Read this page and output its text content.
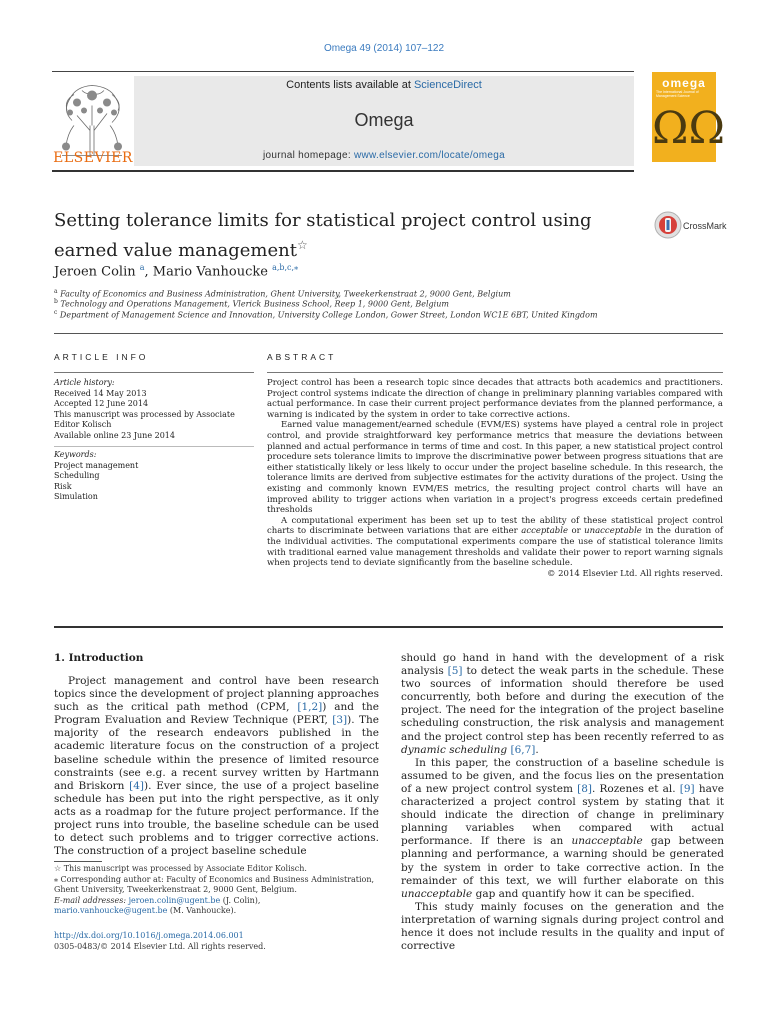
Omega 49 (2014) 107–122
Contents lists available at ScienceDirect
Omega
journal homepage: www.elsevier.com/locate/omega
ELSEVIER
omega
The International Journal of Management Science
ΩΩ
Setting tolerance limits for statistical project control using earned value management☆
CrossMark
Jeroen Colin $^a$, Mario Vanhoucke $^{a,b,c,⁎}$
$^a$ Faculty of Economics and Business Administration, Ghent University, Tweekerkenstraat 2, 9000 Gent, Belgium
$^b$ Technology and Operations Management, Vlerick Business School, Reep 1, 9000 Gent, Belgium
$^c$ Department of Management Science and Innovation, University College London, Gower Street, London WC1E 6BT, United Kingdom
ARTICLE INFO
Article history:
Received 14 May 2013
Accepted 12 June 2014
This manuscript was processed by Associate Editor Kolisch
Available online 23 June 2014
Keywords:
Project management
Scheduling
Risk
Simulation
ABSTRACT

Project control has been a research topic since decades that attracts both academics and practitioners. Project control systems indicate the direction of change in preliminary planning variables compared with actual performance. In case their current project performance deviates from the planned performance, a warning is indicated by the system in order to take corrective actions.

Earned value management/earned schedule (EVM/ES) systems have played a central role in project control, and provide straightforward key performance metrics that measure the deviations between planned and actual performance in terms of time and cost. In this paper, a new statistical project control procedure sets tolerance limits to improve the discriminative power between progress situations that are either statistically likely or less likely to occur under the project baseline schedule. In this research, the tolerance limits are derived from subjective estimates for the activity durations of the project. Using the existing and commonly known EVM/ES metrics, the resulting project control charts will have an improved ability to trigger actions when variation in a project's progress exceeds certain predefined thresholds

A computational experiment has been set up to test the ability of these statistical project control charts to discriminate between variations that are either acceptable or unacceptable in the duration of the individual activities. The computational experiments compare the use of statistical tolerance limits with traditional earned value management thresholds and validate their power to report warning signals when projects tend to deviate significantly from the baseline schedule.

© 2014 Elsevier Ltd. All rights reserved.

1. Introduction

Project management and control have been research topics since the development of project planning approaches such as the critical path method (CPM, [1,2]) and the Program Evaluation and Review Technique (PERT, [3]). The majority of the research endeavors published in the academic literature focus on the construction of a project baseline schedule within the presence of limited resource constraints (see e.g. a recent survey written by Hartmann and Briskorn [4]). Ever since, the use of a project baseline schedule has been put into the right perspective, as it only acts as a roadmap for the future project performance. If the project runs into trouble, the baseline schedule can be used to detect such problems and to trigger corrective actions. The construction of a project baseline schedule

☆ This manuscript was processed by Associate Editor Kolisch.

⁎ Corresponding author at: Faculty of Economics and Business Administration, Ghent University, Tweekerkenstraat 2, 9000 Gent, Belgium.

E-mail addresses: jeroen.colin@ugent.be (J. Colin),
mario.vanhoucke@ugent.be (M. Vanhoucke).

http://dx.doi.org/10.1016/j.omega.2014.06.001
0305-0483/© 2014 Elsevier Ltd. All rights reserved.

should go hand in hand with the development of a risk analysis [5] to detect the weak parts in the schedule. These two sources of information should therefore be used concurrently, both before and during the execution of the project. The need for the integration of the project baseline scheduling construction, the risk analysis and management and the project control step has been recently referred to as dynamic scheduling [6,7].

In this paper, the construction of a baseline schedule is assumed to be given, and the focus lies on the presentation of a new project control system [8]. Rozenes et al. [9] have characterized a project control system by stating that it should indicate the direction of change in preliminary planning variables when compared with actual performance. If there is an unacceptable gap between planning and performance, a warning should be generated by the system in order to take corrective action. In the remainder of this text, we will further elaborate on this unacceptable gap and quantify how it can be specified.

This study mainly focuses on the generation and the interpretation of warning signals during project control and hence it does not include results in the quality and input of corrective
